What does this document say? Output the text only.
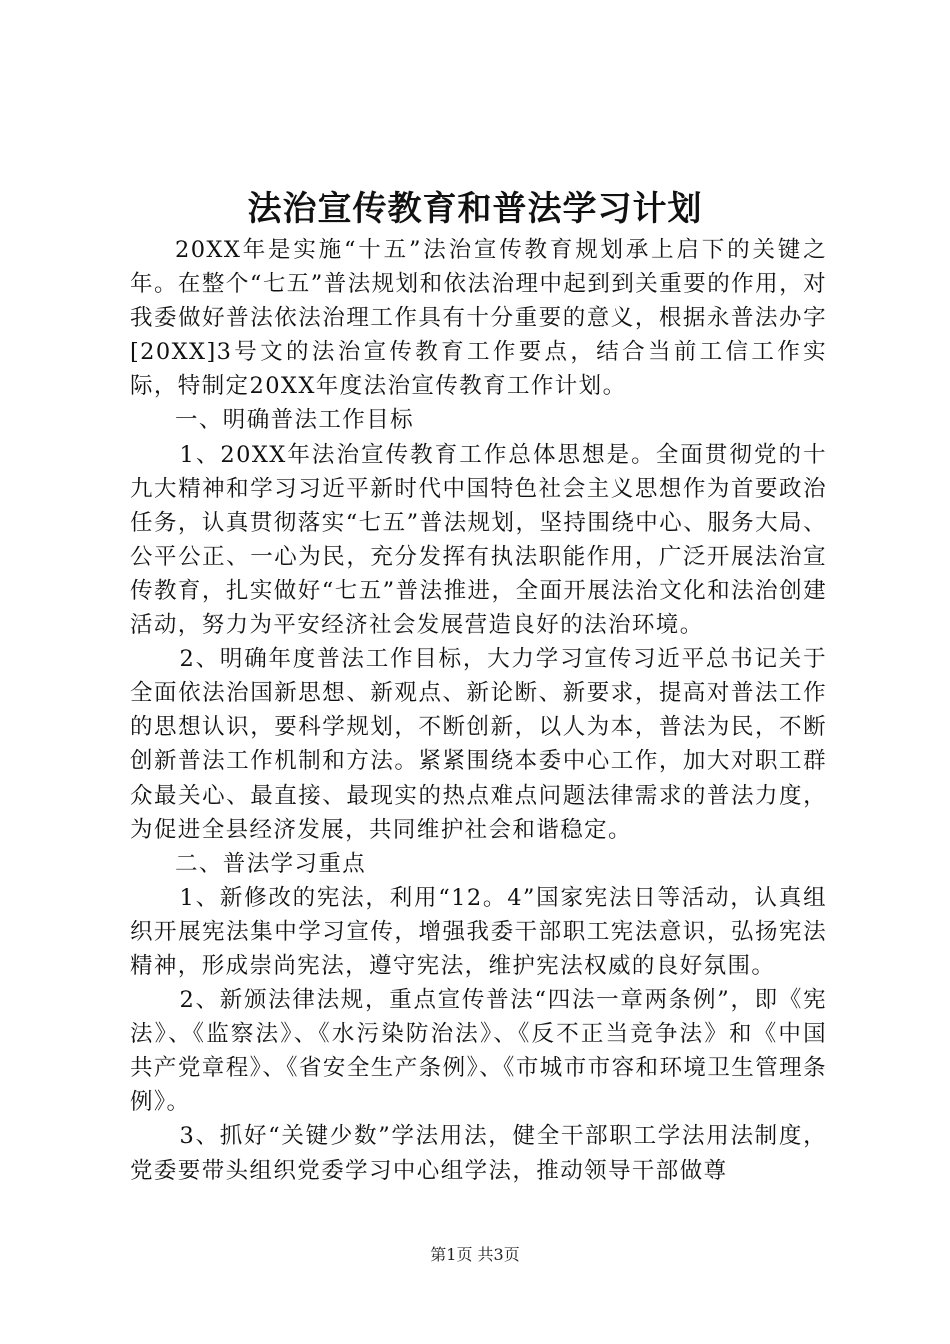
法治宣传教育和普法学习计划

20XX年是实施“十五”法治宣传教育规划承上启下的关键之年。在整个“七五”普法规划和依法治理中起到到关重要的作用，对我委做好普法依法治理工作具有十分重要的意义，根据永普法办字[20XX]3号文的法治宣传教育工作要点，结合当前工信工作实际，特制定20XX年度法治宣传教育工作计划。

一、明确普法工作目标

1、20XX年法治宣传教育工作总体思想是。全面贯彻党的十九大精神和学习习近平新时代中国特色社会主义思想作为首要政治任务，认真贯彻落实“七五”普法规划，坚持围绕中心、服务大局、公平公正、一心为民，充分发挥有执法职能作用，广泛开展法治宣传教育，扎实做好“七五”普法推进，全面开展法治文化和法治创建活动，努力为平安经济社会发展营造良好的法治环境。

2、明确年度普法工作目标，大力学习宣传习近平总书记关于全面依法治国新思想、新观点、新论断、新要求，提高对普法工作的思想认识，要科学规划，不断创新，以人为本，普法为民，不断创新普法工作机制和方法。紧紧围绕本委中心工作，加大对职工群众最关心、最直接、最现实的热点难点问题法律需求的普法力度，为促进全县经济发展，共同维护社会和谐稳定。

二、普法学习重点

1、新修改的宪法，利用“12。4”国家宪法日等活动，认真组织开展宪法集中学习宣传，增强我委干部职工宪法意识，弘扬宪法精神，形成崇尚宪法，遵守宪法，维护宪法权威的良好氛围。

2、新颁法律法规，重点宣传普法“四法一章两条例”，即《宪法》、《监察法》、《水污染防治法》、《反不正当竞争法》和《中国共产党章程》、《省安全生产条例》、《市城市市容和环境卫生管理条例》。

3、抓好“关键少数”学法用法，健全干部职工学法用法制度，党委要带头组织党委学习中心组学法，推动领导干部做尊

第1页 共3页
